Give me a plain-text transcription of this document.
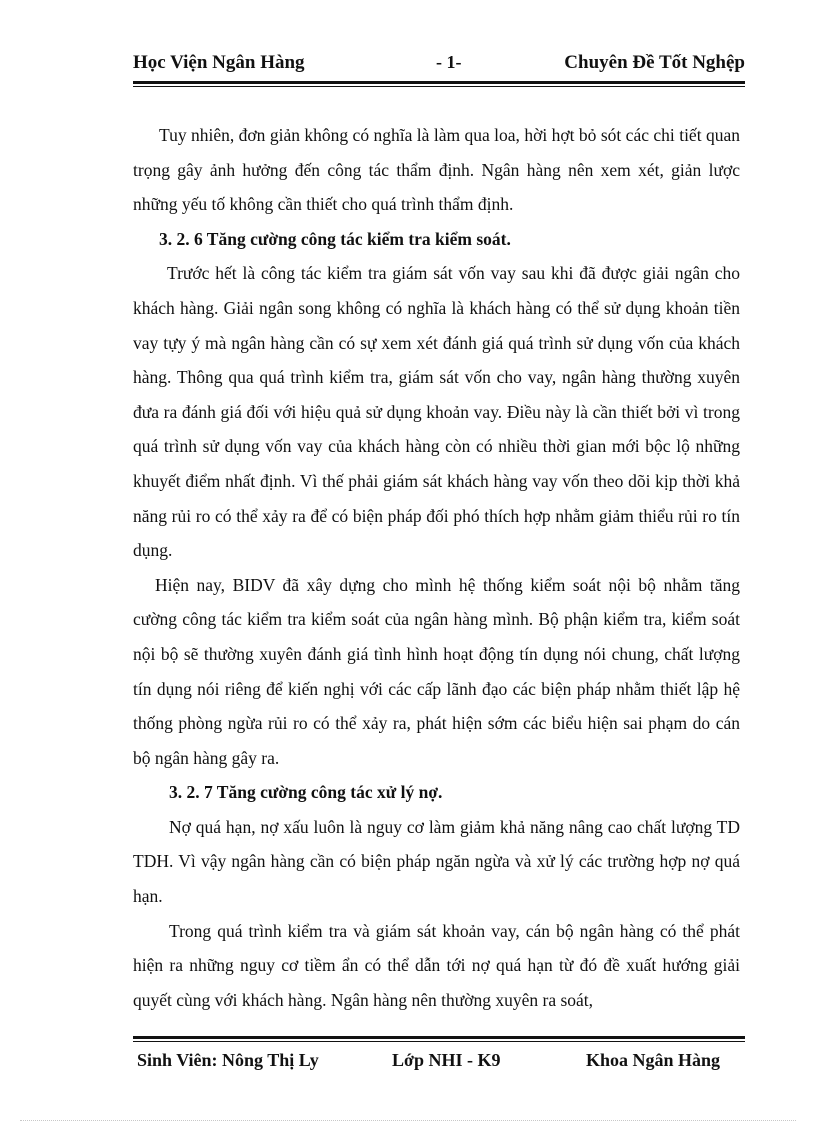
Học Viện Ngân Hàng	- 1-	Chuyên Đề Tốt Nghệp

Tuy nhiên, đơn giản không có nghĩa là làm qua loa, hời hợt bỏ sót các chi tiết quan trọng gây ảnh hưởng đến công tác thẩm định. Ngân hàng nên xem xét, giản lược những yếu tố không cần thiết cho quá trình thẩm định.

3. 2. 6 Tăng cường công tác kiểm tra kiểm soát.

Trước hết là công tác kiểm tra giám sát vốn vay sau khi đã được giải ngân cho khách hàng. Giải ngân song không có nghĩa là khách hàng có thể sử dụng khoản tiền vay tựy ý mà ngân hàng cần có sự xem xét đánh giá quá trình sử dụng vốn của khách hàng. Thông qua quá trình kiểm tra, giám sát vốn cho vay, ngân hàng thường xuyên đưa ra đánh giá đối với hiệu quả sử dụng khoản vay. Điều này là cần thiết bởi vì trong quá trình sử dụng vốn vay của khách hàng còn có nhiều thời gian mới bộc lộ những khuyết điểm nhất định. Vì thế phải giám sát khách hàng vay vốn theo dõi kịp thời khả năng rủi ro có thể xảy ra để có biện pháp đối phó thích hợp nhằm giảm thiểu rủi ro tín dụng.

Hiện nay, BIDV đã xây dựng cho mình hệ thống kiểm soát nội bộ nhằm tăng cường công tác kiểm tra kiểm soát của ngân hàng mình. Bộ phận kiểm tra, kiểm soát nội bộ sẽ thường xuyên đánh giá tình hình hoạt động tín dụng nói chung, chất lượng tín dụng nói riêng để kiến nghị với các cấp lãnh đạo các biện pháp nhằm thiết lập hệ thống phòng ngừa rủi ro có thể xảy ra, phát hiện sớm các biểu hiện sai phạm do cán bộ ngân hàng gây ra.

3. 2. 7 Tăng cường công tác xử lý nợ.

Nợ quá hạn, nợ xấu luôn là nguy cơ làm giảm khả năng nâng cao chất lượng TD TDH. Vì vậy ngân hàng cần có biện pháp ngăn ngừa và xử lý các trường hợp nợ quá hạn.

Trong quá trình kiểm tra và giám sát khoản vay, cán bộ ngân hàng có thể phát hiện ra những nguy cơ tiềm ẩn có thể dẫn tới nợ quá hạn từ đó đề xuất hướng giải quyết cùng với khách hàng. Ngân hàng nên thường xuyên ra soát,

Sinh Viên: Nông Thị Ly	Lớp NHI - K9	Khoa Ngân Hàng
